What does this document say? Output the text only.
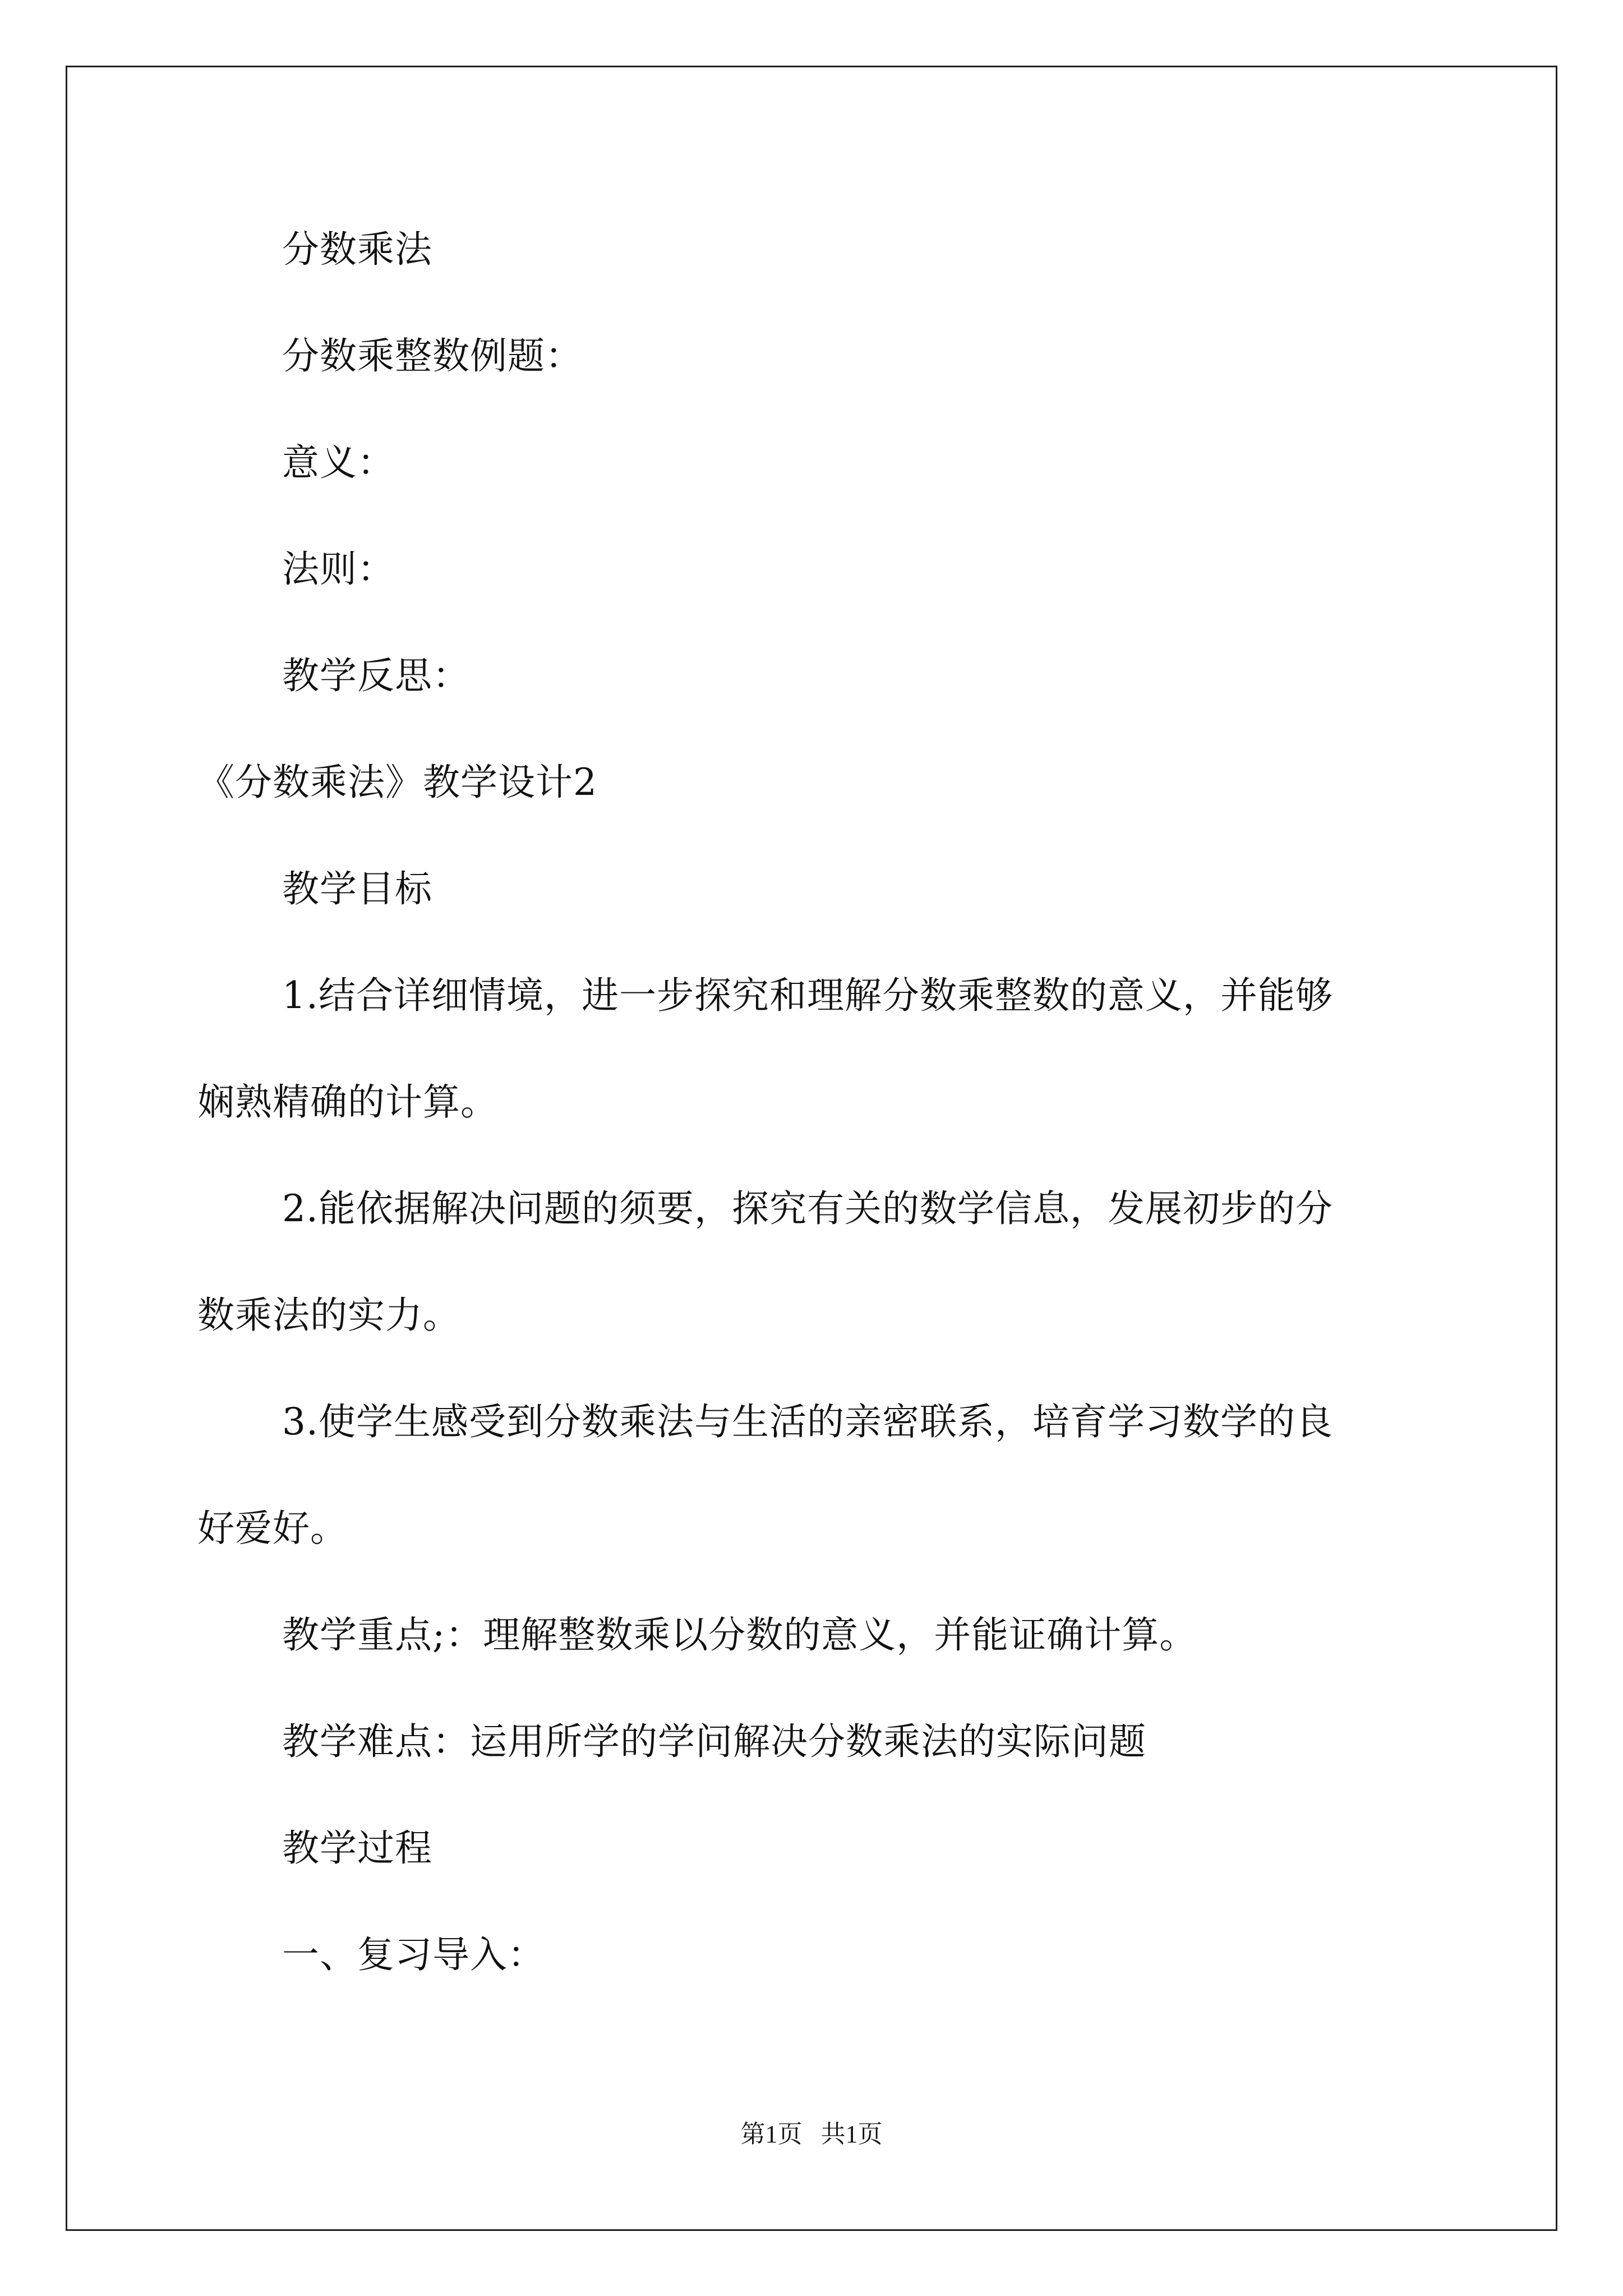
分数乘法
分数乘整数例题：
意义：
法则：
教学反思：
《分数乘法》教学设计2
教学目标
1.结合详细情境，进一步探究和理解分数乘整数的意义，并能够
娴熟精确的计算。
2.能依据解决问题的须要，探究有关的数学信息，发展初步的分
数乘法的实力。
3.使学生感受到分数乘法与生活的亲密联系，培育学习数学的良
好爱好。
教学重点;：理解整数乘以分数的意义，并能证确计算。
教学难点：运用所学的学问解决分数乘法的实际问题
教学过程
一、复习导入：
第1页   共1页
